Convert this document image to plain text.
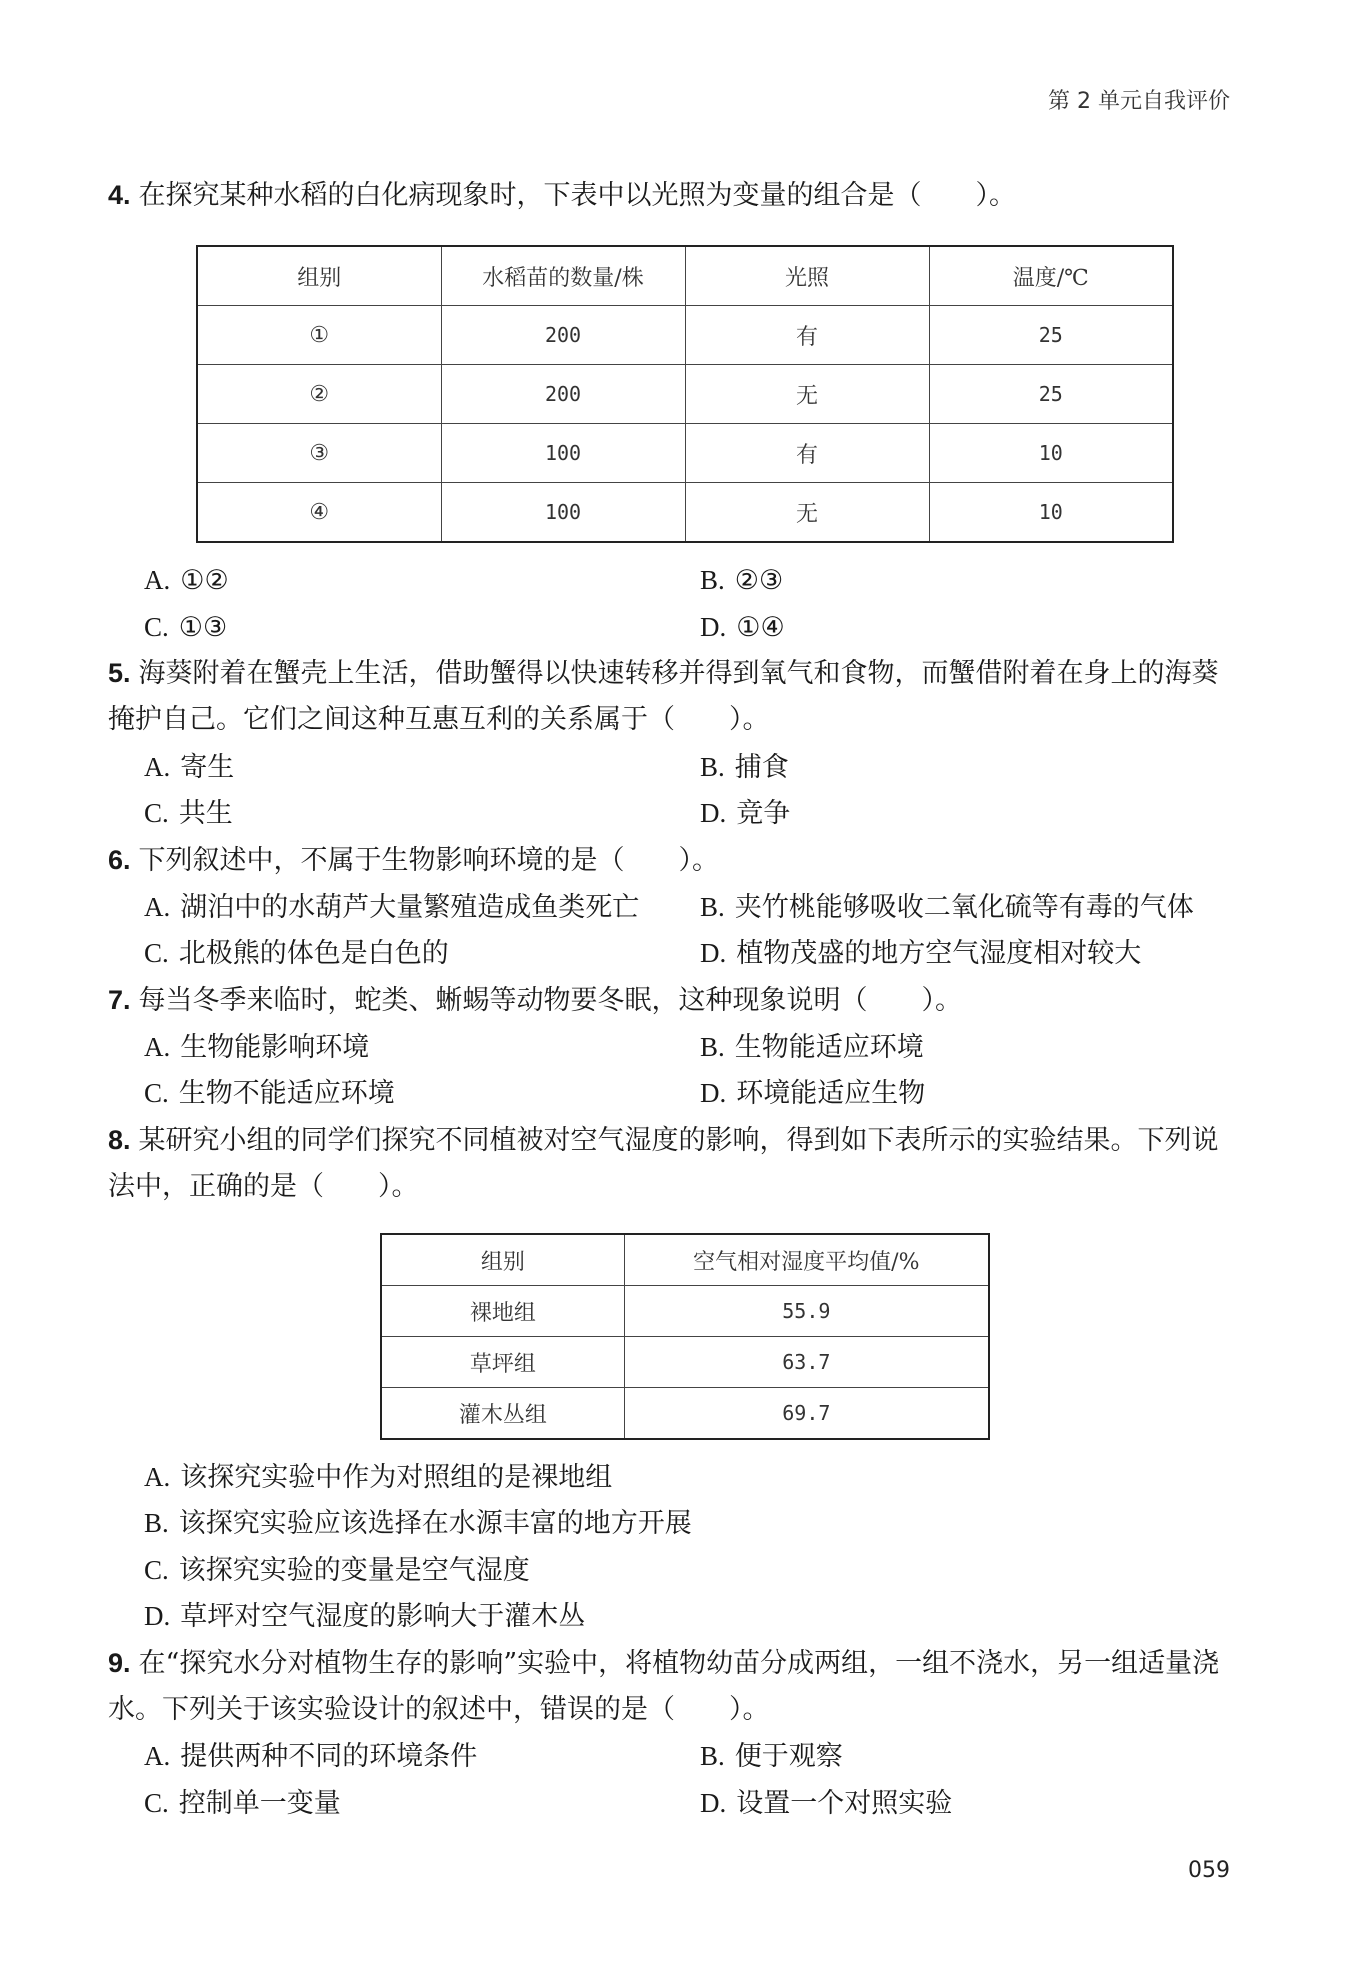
第 2 单元自我评价
4. 在探究某种水稻的白化病现象时，下表中以光照为变量的组合是（　　）。
组别	水稻苗的数量/株	光照	温度/℃
①	200	有	25
②	200	无	25
③	100	有	10
④	100	无	10
A. ①②	B. ②③
C. ①③	D. ①④
5. 海葵附着在蟹壳上生活，借助蟹得以快速转移并得到氧气和食物，而蟹借附着在身上的海葵掩护自己。它们之间这种互惠互利的关系属于（　　）。
A. 寄生	B. 捕食
C. 共生	D. 竞争
6. 下列叙述中，不属于生物影响环境的是（　　）。
A. 湖泊中的水葫芦大量繁殖造成鱼类死亡 B. 夹竹桃能够吸收二氧化硫等有毒的气体
C. 北极熊的体色是白色的	D. 植物茂盛的地方空气湿度相对较大
7. 每当冬季来临时，蛇类、蜥蜴等动物要冬眠，这种现象说明（　　）。
A. 生物能影响环境	B. 生物能适应环境
C. 生物不能适应环境	D. 环境能适应生物
8. 某研究小组的同学们探究不同植被对空气湿度的影响，得到如下表所示的实验结果。下列说法中，正确的是（　　）。
组别	空气相对湿度平均值/%
裸地组	55.9
草坪组	63.7
灌木丛组	69.7
A. 该探究实验中作为对照组的是裸地组
B. 该探究实验应该选择在水源丰富的地方开展
C. 该探究实验的变量是空气湿度
D. 草坪对空气湿度的影响大于灌木丛
9. 在“探究水分对植物生存的影响”实验中，将植物幼苗分成两组，一组不浇水，另一组适量浇水。下列关于该实验设计的叙述中，错误的是（　　）。
A. 提供两种不同的环境条件	B. 便于观察
C. 控制单一变量	D. 设置一个对照实验
059
